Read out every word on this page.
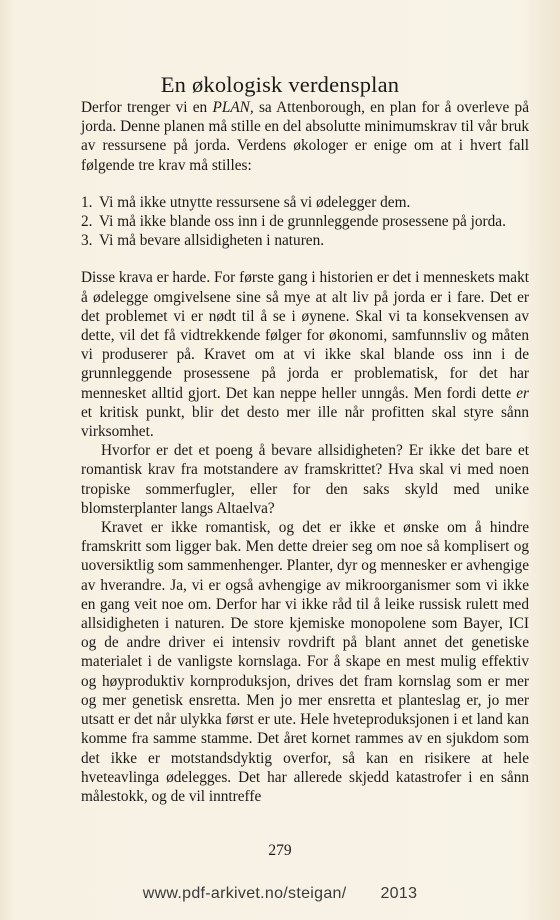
En økologisk verdensplan

Derfor trenger vi en PLAN, sa Attenborough, en plan for å overleve på jorda. Denne planen må stille en del absolutte minimumskrav til vår bruk av ressursene på jorda. Verdens økologer er enige om at i hvert fall følgende tre krav må stilles:

1. Vi må ikke utnytte ressursene så vi ødelegger dem.
2. Vi må ikke blande oss inn i de grunnleggende prosessene på jorda.
3. Vi må bevare allsidigheten i naturen.

Disse krava er harde. For første gang i historien er det i menneskets makt å ødelegge omgivelsene sine så mye at alt liv på jorda er i fare. Det er det problemet vi er nødt til å se i øynene. Skal vi ta konsekvensen av dette, vil det få vidtrekkende følger for økonomi, samfunnsliv og måten vi produserer på. Kravet om at vi ikke skal blande oss inn i de grunnleggende prosessene på jorda er problematisk, for det har mennesket alltid gjort. Det kan neppe heller unngås. Men fordi dette er et kritisk punkt, blir det desto mer ille når profitten skal styre sånn virksomhet.

Hvorfor er det et poeng å bevare allsidigheten? Er ikke det bare et romantisk krav fra motstandere av framskrittet? Hva skal vi med noen tropiske sommerfugler, eller for den saks skyld med unike blomsterplanter langs Altaelva?

Kravet er ikke romantisk, og det er ikke et ønske om å hindre framskritt som ligger bak. Men dette dreier seg om noe så komplisert og uoversiktlig som sammenhenger. Planter, dyr og mennesker er avhengige av hverandre. Ja, vi er også avhengige av mikroorganismer som vi ikke en gang veit noe om. Derfor har vi ikke råd til å leike russisk rulett med allsidigheten i naturen. De store kjemiske monopolene som Bayer, ICI og de andre driver ei intensiv rovdrift på blant annet det genetiske materialet i de vanligste kornslaga. For å skape en mest mulig effektiv og høyproduktiv kornproduksjon, drives det fram kornslag som er mer og mer genetisk ensretta. Men jo mer ensretta et planteslag er, jo mer utsatt er det når ulykka først er ute. Hele hveteproduksjonen i et land kan komme fra samme stamme. Det året kornet rammes av en sjukdom som det ikke er motstandsdyktig overfor, så kan en risikere at hele hveteavlinga ødelegges. Det har allerede skjedd katastrofer i en sånn målestokk, og de vil inntreffe

279
www.pdf-arkivet.no/steigan/ 2013
